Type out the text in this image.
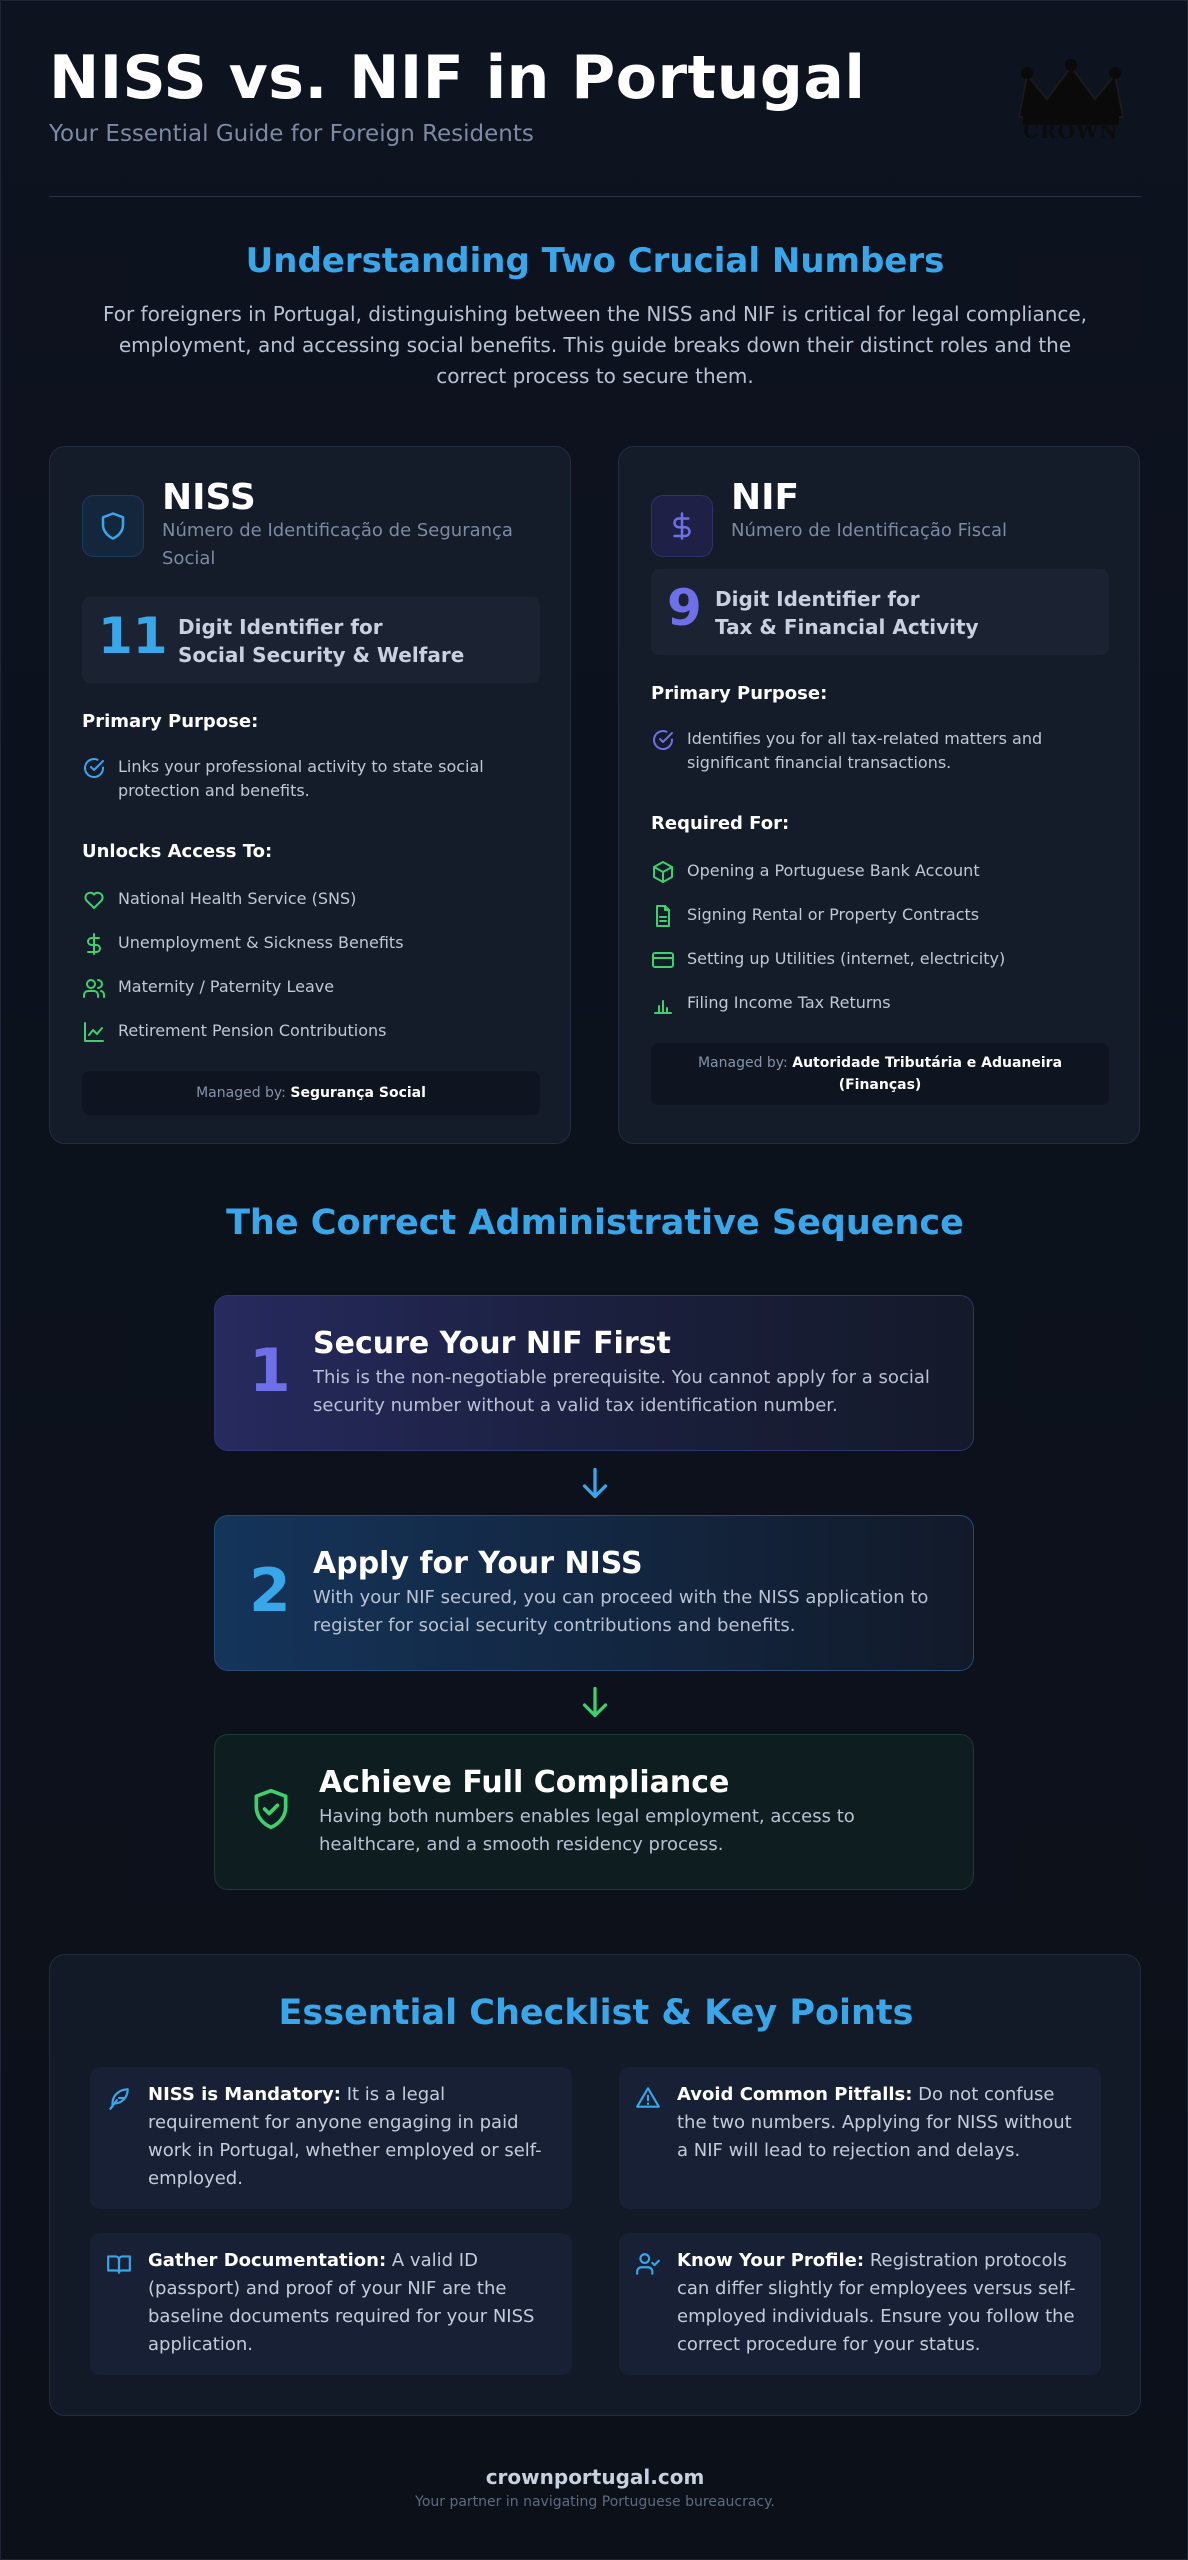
NISS vs. NIF in Portugal
Your Essential Guide for Foreign Residents	CROWN
Understanding Two Crucial Numbers
For foreigners in Portugal, distinguishing between the NISS and NIF is critical for legal compliance, employment, and accessing social benefits. This guide breaks down their distinct roles and the correct process to secure them.
NISS
Número de Identificação de Segurança Social
11 Digit Identifier for
Social Security & Welfare
Primary Purpose:
Links your professional activity to state social protection and benefits.
Unlocks Access To:
National Health Service (SNS)
Unemployment & Sickness Benefits
Maternity / Paternity Leave
Retirement Pension Contributions
Managed by: Segurança Social
NIF
Número de Identificação Fiscal
9 Digit Identifier for
Tax & Financial Activity
Primary Purpose:
Identifies you for all tax-related matters and significant financial transactions.
Required For:
Opening a Portuguese Bank Account
Signing Rental or Property Contracts
Setting up Utilities (internet, electricity)
Filing Income Tax Returns
Managed by: Autoridade Tributária e Aduaneira
(Finanças)
The Correct Administrative Sequence
1 Secure Your NIF First
This is the non-negotiable prerequisite. You cannot apply for a social security number without a valid tax identification number.
2 Apply for Your NISS
With your NIF secured, you can proceed with the NISS application to register for social security contributions and benefits.
Achieve Full Compliance
Having both numbers enables legal employment, access to healthcare, and a smooth residency process.
Essential Checklist & Key Points
NISS is Mandatory: It is a legal requirement for anyone engaging in paid work in Portugal, whether employed or self-employed.
Avoid Common Pitfalls: Do not confuse the two numbers. Applying for NISS without a NIF will lead to rejection and delays.
Gather Documentation: A valid ID (passport) and proof of your NIF are the baseline documents required for your NISS application.
Know Your Profile: Registration protocols can differ slightly for employees versus self-employed individuals. Ensure you follow the correct procedure for your status.
crownportugal.com
Your partner in navigating Portuguese bureaucracy.
